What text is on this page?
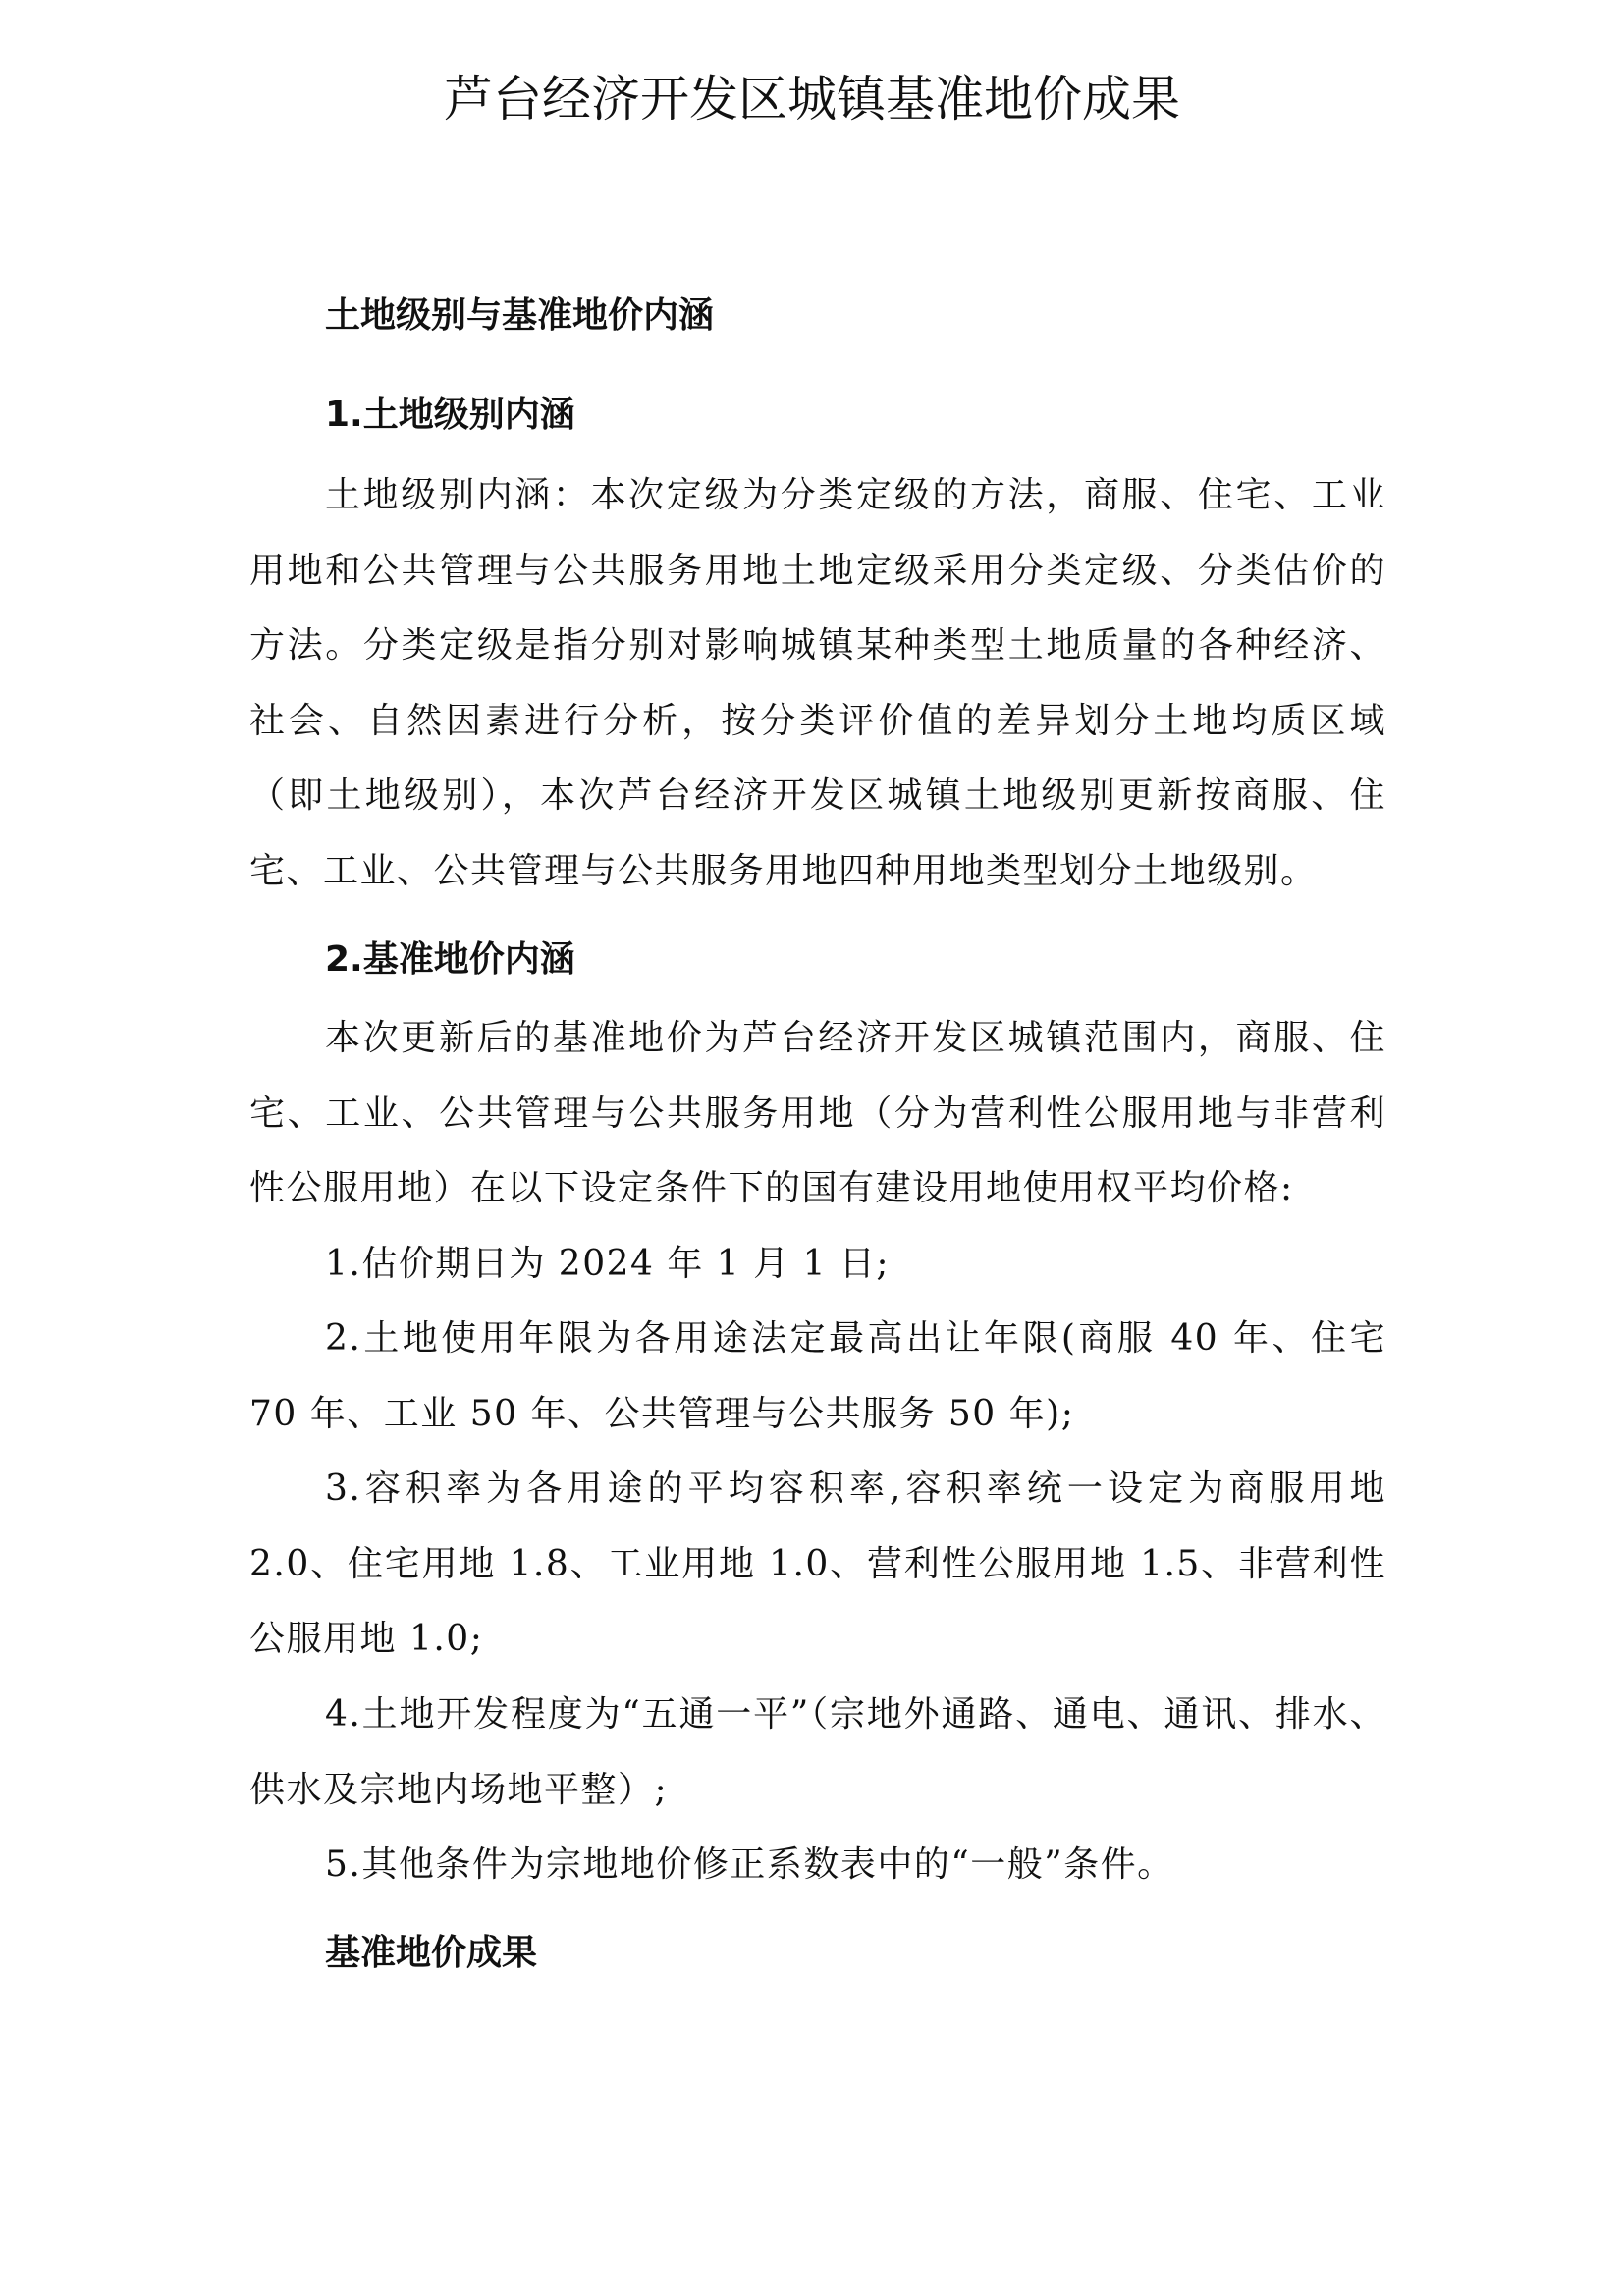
芦台经济开发区城镇基准地价成果
土地级别与基准地价内涵
1.土地级别内涵

土地级别内涵：本次定级为分类定级的方法，商服、住宅、工业用地和公共管理与公共服务用地土地定级采用分类定级、分类估价的方法。分类定级是指分别对影响城镇某种类型土地质量的各种经济、社会、自然因素进行分析，按分类评价值的差异划分土地均质区域（即土地级别），本次芦台经济开发区城镇土地级别更新按商服、住宅、工业、公共管理与公共服务用地四种用地类型划分土地级别。

2.基准地价内涵

本次更新后的基准地价为芦台经济开发区城镇范围内，商服、住宅、工业、公共管理与公共服务用地（分为营利性公服用地与非营利性公服用地）在以下设定条件下的国有建设用地使用权平均价格:

1.估价期日为 2024 年 1 月 1 日;

2.土地使用年限为各用途法定最高出让年限(商服 40 年、住宅 70 年、工业 50 年、公共管理与公共服务 50 年);

3.容积率为各用途的平均容积率,容积率统一设定为商服用地 2.0、住宅用地 1.8、工业用地 1.0、营利性公服用地 1.5、非营利性公服用地 1.0;

4.土地开发程度为“五通一平”（宗地外通路、通电、通讯、排水、供水及宗地内场地平整）;

5.其他条件为宗地地价修正系数表中的“一般”条件。

基准地价成果
